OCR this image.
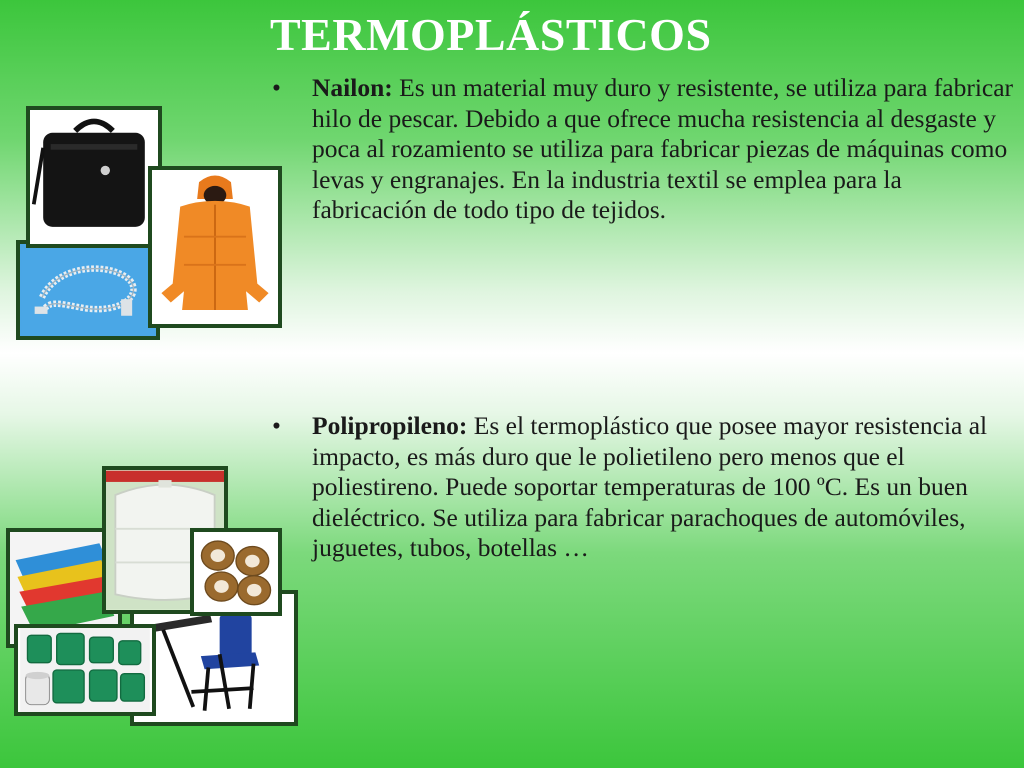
TERMOPLÁSTICOS
• Nailon: Es un material muy duro y resistente, se utiliza para fabricar hilo de pescar. Debido a que ofrece mucha resistencia al desgaste y poca al rozamiento se utiliza para fabricar piezas de máquinas como levas y engranajes. En la industria textil se emplea para la fabricación de todo tipo de tejidos.
• Polipropileno: Es el termoplástico que posee mayor resistencia al impacto, es más duro que le polietileno pero menos que el poliestireno. Puede soportar temperaturas de 100 ºC. Es un buen dieléctrico. Se utiliza para fabricar parachoques de automóviles, juguetes, tubos, botellas …
